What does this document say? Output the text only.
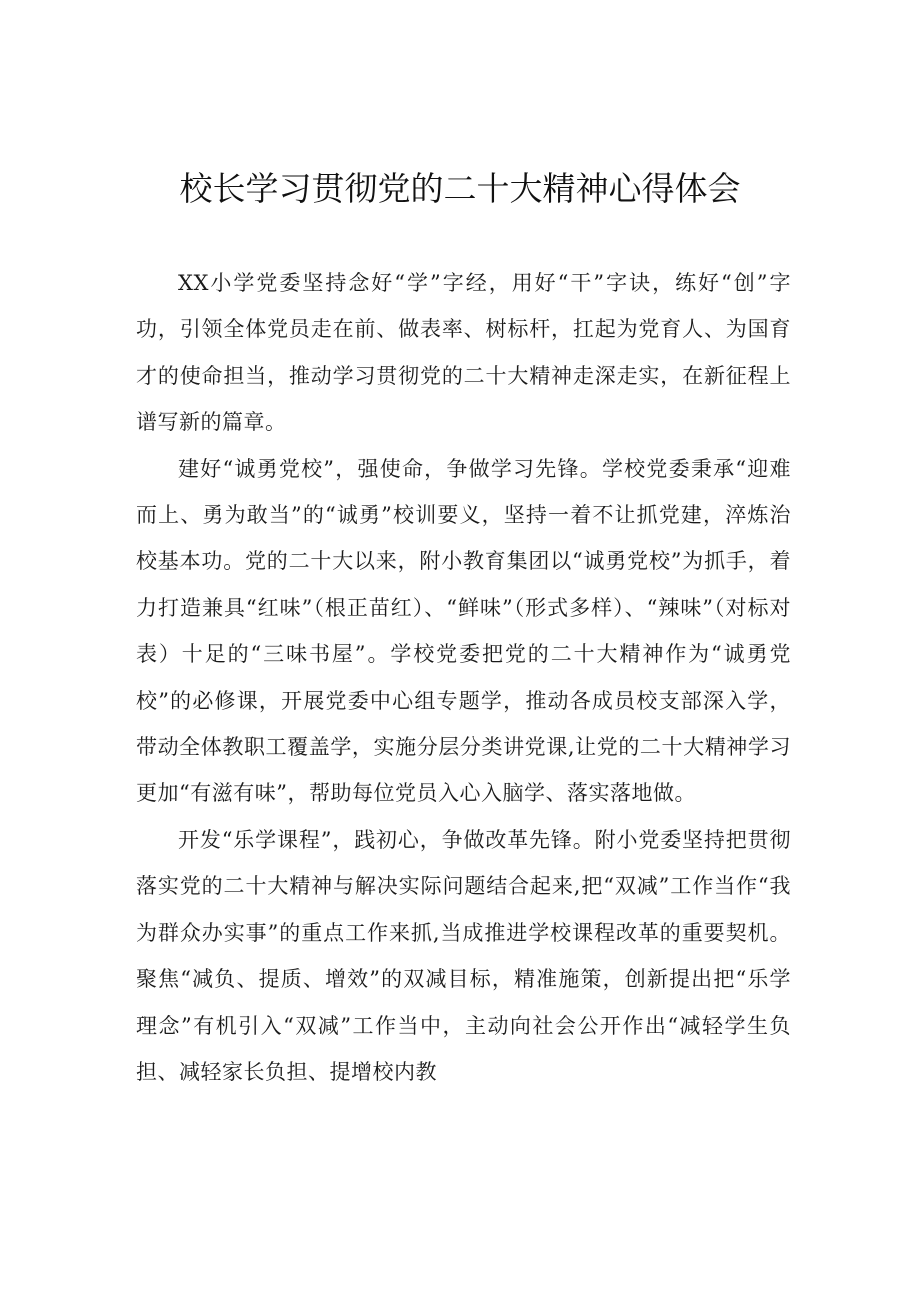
校长学习贯彻党的二十大精神心得体会

XX小学党委坚持念好“学”字经，用好“干”字诀，练好“创”字功，引领全体党员走在前、做表率、树标杆，扛起为党育人、为国育才的使命担当，推动学习贯彻党的二十大精神走深走实，在新征程上谱写新的篇章。

建好“诚勇党校”，强使命，争做学习先锋。学校党委秉承“迎难而上、勇为敢当”的“诚勇”校训要义，坚持一着不让抓党建，淬炼治校基本功。党的二十大以来，附小教育集团以“诚勇党校”为抓手，着力打造兼具“红味”（根正苗红）、“鲜味”（形式多样）、“辣味”（对标对表）十足的“三味书屋”。学校党委把党的二十大精神作为“诚勇党校”的必修课，开展党委中心组专题学，推动各成员校支部深入学，带动全体教职工覆盖学，实施分层分类讲党课,让党的二十大精神学习更加“有滋有味”，帮助每位党员入心入脑学、落实落地做。

开发“乐学课程”，践初心，争做改革先锋。附小党委坚持把贯彻落实党的二十大精神与解决实际问题结合起来,把“双减”工作当作“我为群众办实事”的重点工作来抓,当成推进学校课程改革的重要契机。聚焦“减负、提质、增效”的双减目标，精准施策，创新提出把“乐学理念”有机引入“双减”工作当中，主动向社会公开作出“减轻学生负担、减轻家长负担、提增校内教
